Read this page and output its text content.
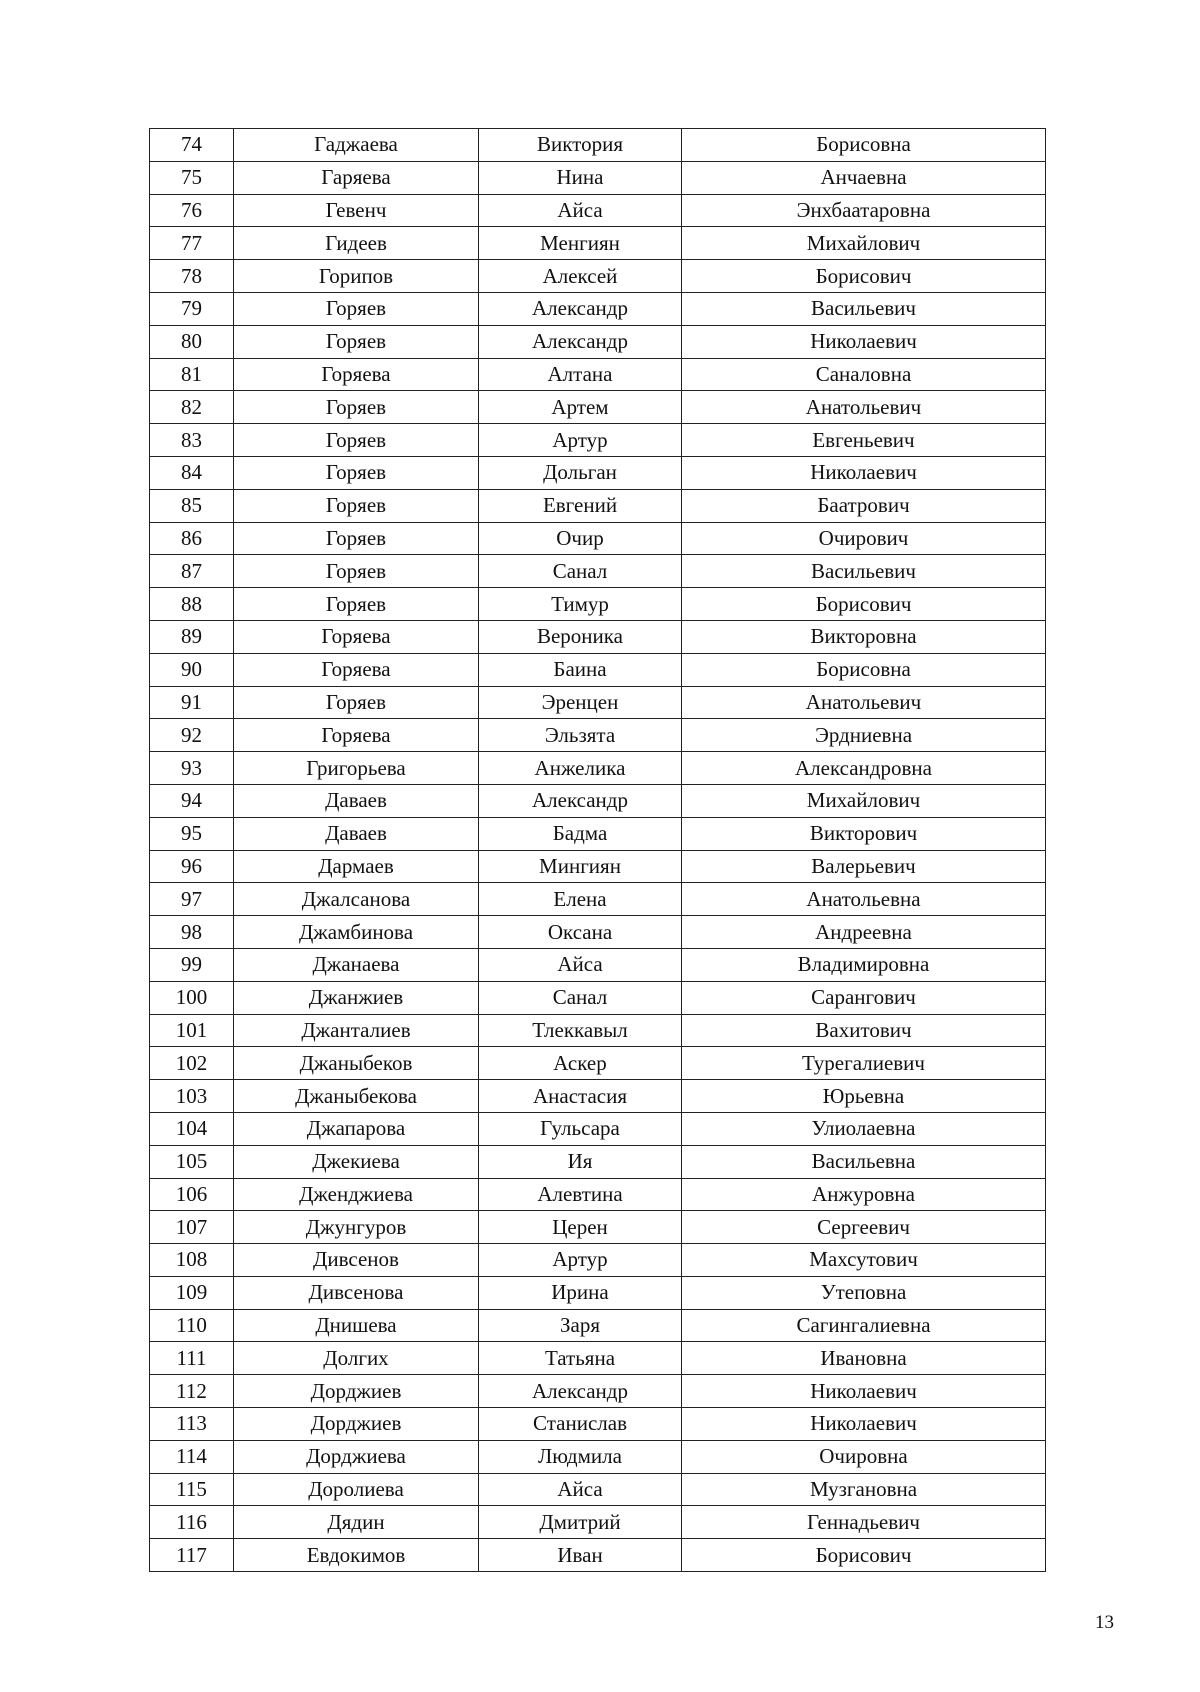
74	Гаджаева	Виктория	Борисовна
75	Гаряева	Нина	Анчаевна
76	Гевенч	Айса	Энхбаатаровна
77	Гидеев	Менгиян	Михайлович
78	Горипов	Алексей	Борисович
79	Горяев	Александр	Васильевич
80	Горяев	Александр	Николаевич
81	Горяева	Алтана	Саналовна
82	Горяев	Артем	Анатольевич
83	Горяев	Артур	Евгеньевич
84	Горяев	Дольган	Николаевич
85	Горяев	Евгений	Баатрович
86	Горяев	Очир	Очирович
87	Горяев	Санал	Васильевич
88	Горяев	Тимур	Борисович
89	Горяева	Вероника	Викторовна
90	Горяева	Баина	Борисовна
91	Горяев	Эренцен	Анатольевич
92	Горяева	Эльзята	Эрдниевна
93	Григорьева	Анжелика	Александровна
94	Даваев	Александр	Михайлович
95	Даваев	Бадма	Викторович
96	Дармаев	Мингиян	Валерьевич
97	Джалсанова	Елена	Анатольевна
98	Джамбинова	Оксана	Андреевна
99	Джанаева	Айса	Владимировна
100	Джанжиев	Санал	Сарангович
101	Джанталиев	Тлеккавыл	Вахитович
102	Джаныбеков	Аскер	Турегалиевич
103	Джаныбекова	Анастасия	Юрьевна
104	Джапарова	Гульсара	Улиолаевна
105	Джекиева	Ия	Васильевна
106	Дженджиева	Алевтина	Анжуровна
107	Джунгуров	Церен	Сергеевич
108	Дивсенов	Артур	Махсутович
109	Дивсенова	Ирина	Утеповна
110	Днишева	Заря	Сагингалиевна
111	Долгих	Татьяна	Ивановна
112	Дорджиев	Александр	Николаевич
113	Дорджиев	Станислав	Николаевич
114	Дорджиева	Людмила	Очировна
115	Доролиева	Айса	Музгановна
116	Дядин	Дмитрий	Геннадьевич
117	Евдокимов	Иван	Борисович
13
